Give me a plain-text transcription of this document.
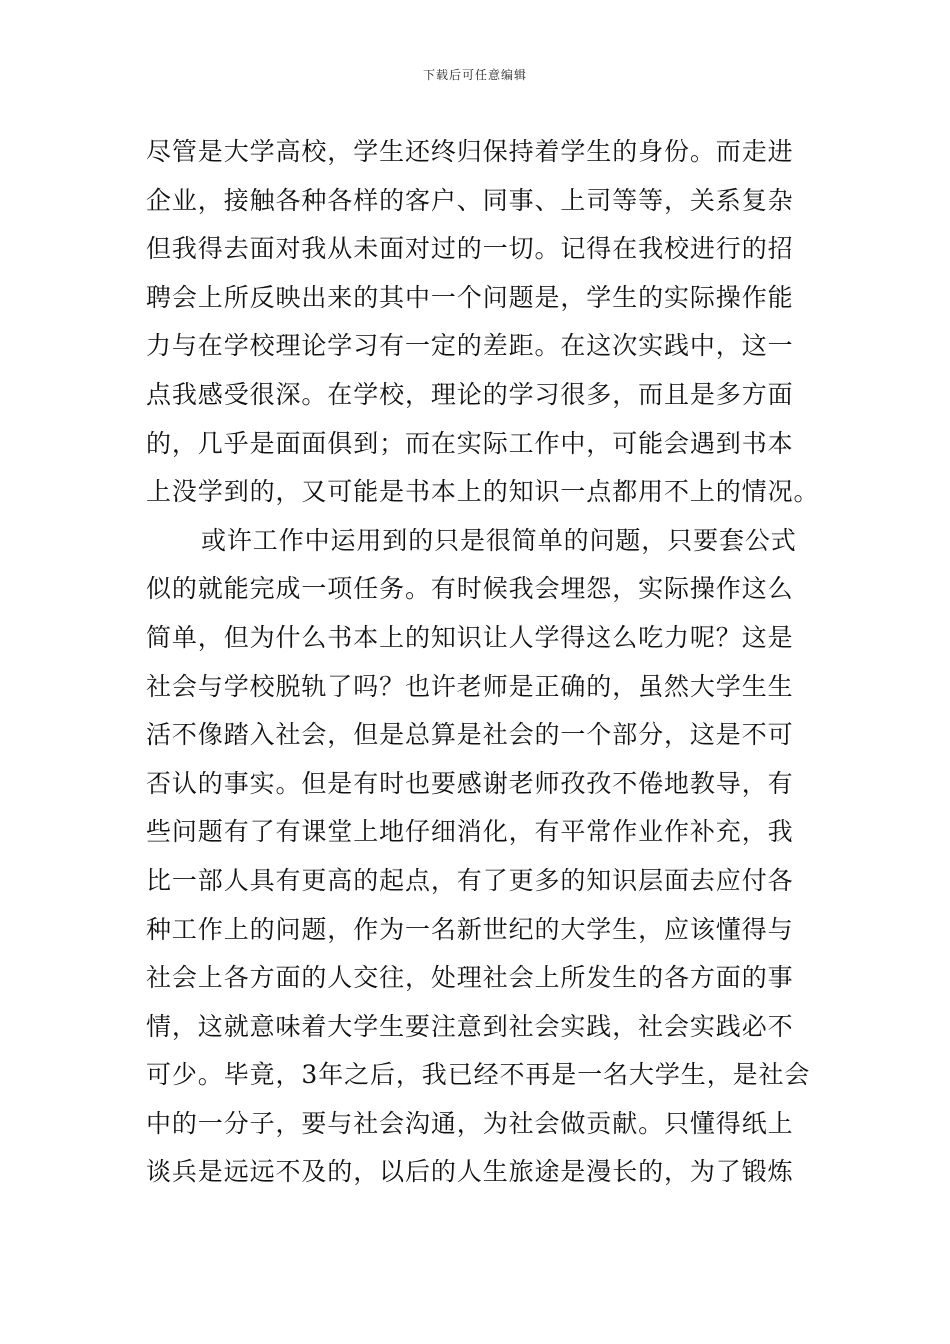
下载后可任意编辑
尽管是大学高校，学生还终归保持着学生的身份。而走进
企业，接触各种各样的客户、同事、上司等等，关系复杂
但我得去面对我从未面对过的一切。记得在我校进行的招
聘会上所反映出来的其中一个问题是，学生的实际操作能
力与在学校理论学习有一定的差距。在这次实践中，这一
点我感受很深。在学校，理论的学习很多，而且是多方面
的，几乎是面面俱到；而在实际工作中，可能会遇到书本
上没学到的，又可能是书本上的知识一点都用不上的情况。
或许工作中运用到的只是很简单的问题，只要套公式
似的就能完成一项任务。有时候我会埋怨，实际操作这么
简单，但为什么书本上的知识让人学得这么吃力呢？这是
社会与学校脱轨了吗？也许老师是正确的，虽然大学生生
活不像踏入社会，但是总算是社会的一个部分，这是不可
否认的事实。但是有时也要感谢老师孜孜不倦地教导，有
些问题有了有课堂上地仔细消化，有平常作业作补充，我
比一部人具有更高的起点，有了更多的知识层面去应付各
种工作上的问题，作为一名新世纪的大学生，应该懂得与
社会上各方面的人交往，处理社会上所发生的各方面的事
情，这就意味着大学生要注意到社会实践，社会实践必不
可少。毕竟，3年之后，我已经不再是一名大学生，是社会
中的一分子，要与社会沟通，为社会做贡献。只懂得纸上
谈兵是远远不及的，以后的人生旅途是漫长的，为了锻炼
